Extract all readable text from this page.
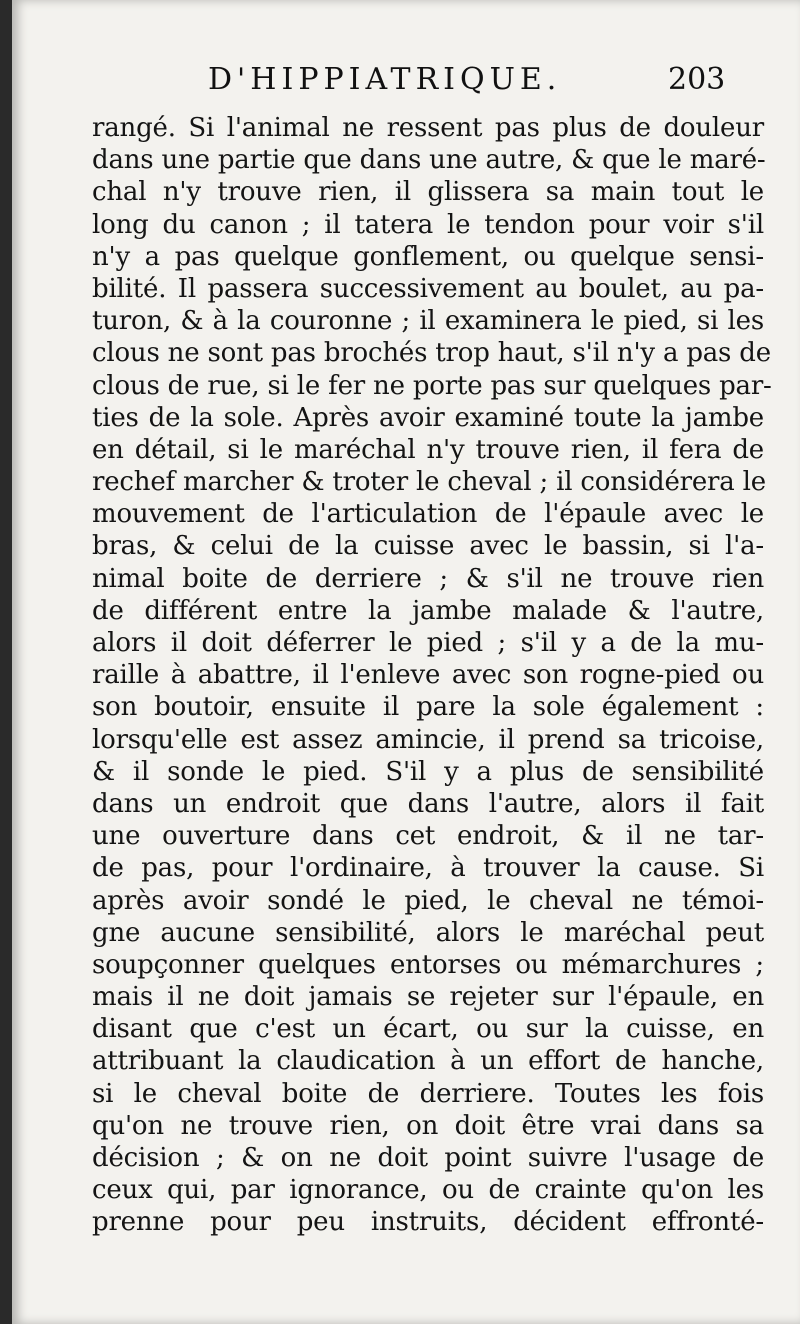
D'HIPPIATRIQUE.	203
rangé. Si l'animal ne ressent pas plus de douleur
dans une partie que dans une autre, & que le maré-
chal n'y trouve rien, il glissera sa main tout le
long du canon ; il tatera le tendon pour voir s'il
n'y a pas quelque gonflement, ou quelque sensi-
bilité. Il passera successivement au boulet, au pa-
turon, & à la couronne ; il examinera le pied, si les
clous ne sont pas brochés trop haut, s'il n'y a pas de
clous de rue, si le fer ne porte pas sur quelques par-
ties de la sole. Après avoir examiné toute la jambe
en détail, si le maréchal n'y trouve rien, il fera de
rechef marcher & troter le cheval ; il considérera le
mouvement de l'articulation de l'épaule avec le
bras, & celui de la cuisse avec le bassin, si l'a-
nimal boite de derriere ; & s'il ne trouve rien
de différent entre la jambe malade & l'autre,
alors il doit déferrer le pied ; s'il y a de la mu-
raille à abattre, il l'enleve avec son rogne-pied ou
son boutoir, ensuite il pare la sole également :
lorsqu'elle est assez amincie, il prend sa tricoise,
& il sonde le pied. S'il y a plus de sensibilité
dans un endroit que dans l'autre, alors il fait
une ouverture dans cet endroit, & il ne tar-
de pas, pour l'ordinaire, à trouver la cause. Si
après avoir sondé le pied, le cheval ne témoi-
gne aucune sensibilité, alors le maréchal peut
soupçonner quelques entorses ou mémarchures ;
mais il ne doit jamais se rejeter sur l'épaule, en
disant que c'est un écart, ou sur la cuisse, en
attribuant la claudication à un effort de hanche,
si le cheval boite de derriere. Toutes les fois
qu'on ne trouve rien, on doit être vrai dans sa
décision ; & on ne doit point suivre l'usage de
ceux qui, par ignorance, ou de crainte qu'on les
prenne pour peu instruits, décident effronté-
